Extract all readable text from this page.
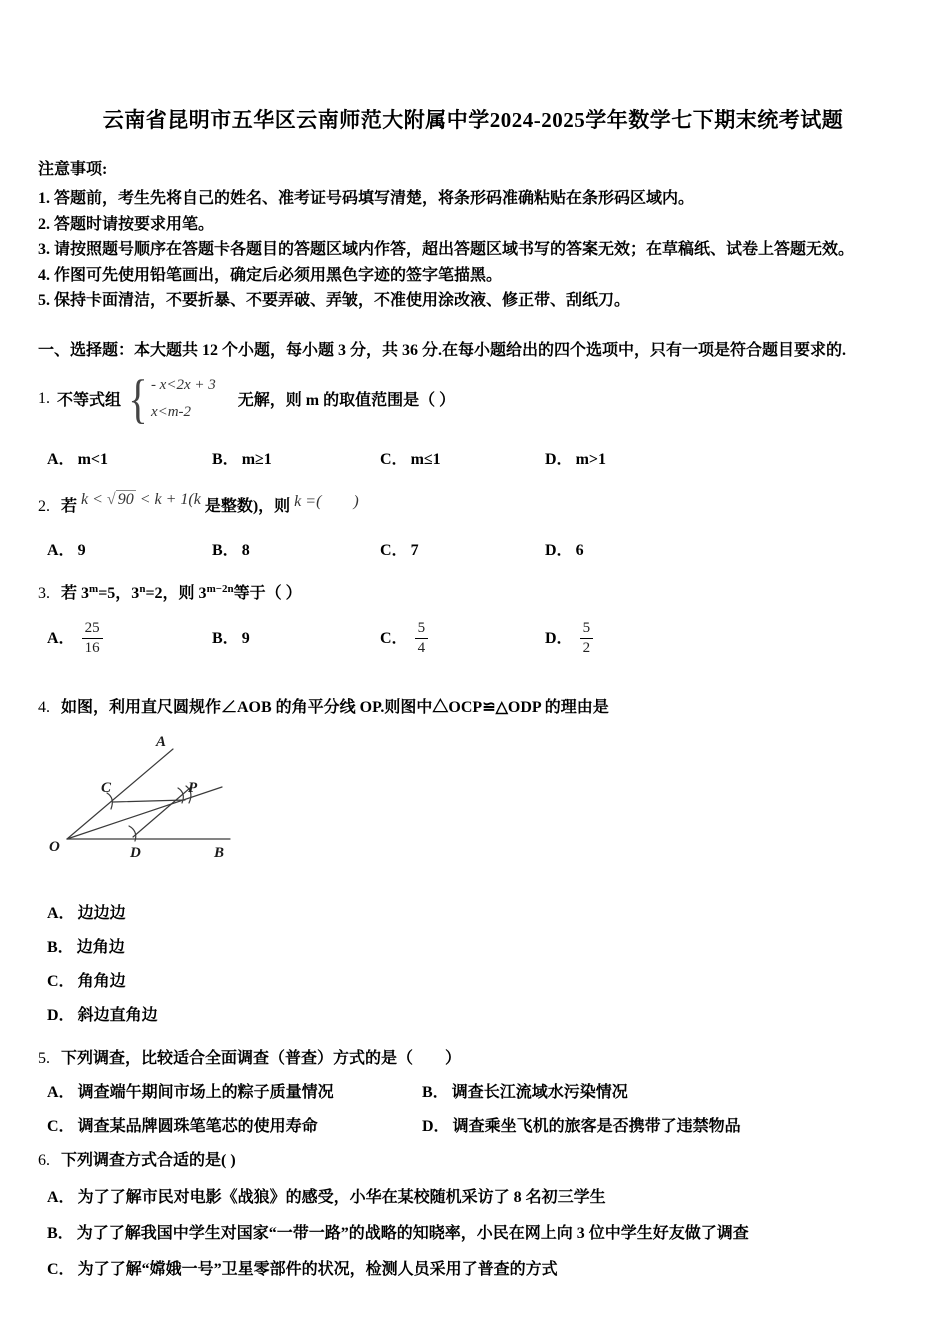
云南省昆明市五华区云南师范大附属中学2024-2025学年数学七下期末统考试题

注意事项:

1. 答题前，考生先将自己的姓名、准考证号码填写清楚，将条形码准确粘贴在条形码区域内。

2. 答题时请按要求用笔。

3. 请按照题号顺序在答题卡各题目的答题区域内作答，超出答题区域书写的答案无效；在草稿纸、试卷上答题无效。

4. 作图可先使用铅笔画出，确定后必须用黑色字迹的签字笔描黑。

5. 保持卡面清洁，不要折暴、不要弄破、弄皱，不准使用涂改液、修正带、刮纸刀。

一、选择题：本大题共 12 个小题，每小题 3 分，共 36 分.在每小题给出的四个选项中，只有一项是符合题目要求的.

1. 不等式组 { - x<2x + 3
x<m-2
无解，则 m 的取值范围是（ ）
A． m<1	B． m≥1	C． m≤1	D． m>1
2. 若 k < √ 90 < k + 1(k 是整数)，则 k =(　　)
A． 9	B． 8	C． 7	D． 6
3. 若 $3^m=5$，$3^n=2$，则 $3^{m-2n}$等于（ ）
A． $\frac{25}{16}$	B． 9	C． $\frac{5}{4}$	D． $\frac{5}{2}$
4. 如图，利用直尺圆规作∠AOB 的角平分线 OP.则图中△OCP≌△ODP 的理由是
A
C	P
O	D	B
A． 边边边
B． 边角边
C． 角角边
D． 斜边直角边
5. 下列调查，比较适合全面调查（普查）方式的是（　　）
A． 调查端午期间市场上的粽子质量情况	B． 调查长江流域水污染情况
C． 调查某品牌圆珠笔笔芯的使用寿命	D． 调查乘坐飞机的旅客是否携带了违禁物品
6. 下列调查方式合适的是( )
A． 为了了解市民对电影《战狼》的感受，小华在某校随机采访了 8 名初三学生
B． 为了了解我国中学生对国家“一带一路”的战略的知晓率，小民在网上向 3 位中学生好友做了调查
C． 为了了解“嫦娥一号”卫星零部件的状况，检测人员采用了普查的方式
